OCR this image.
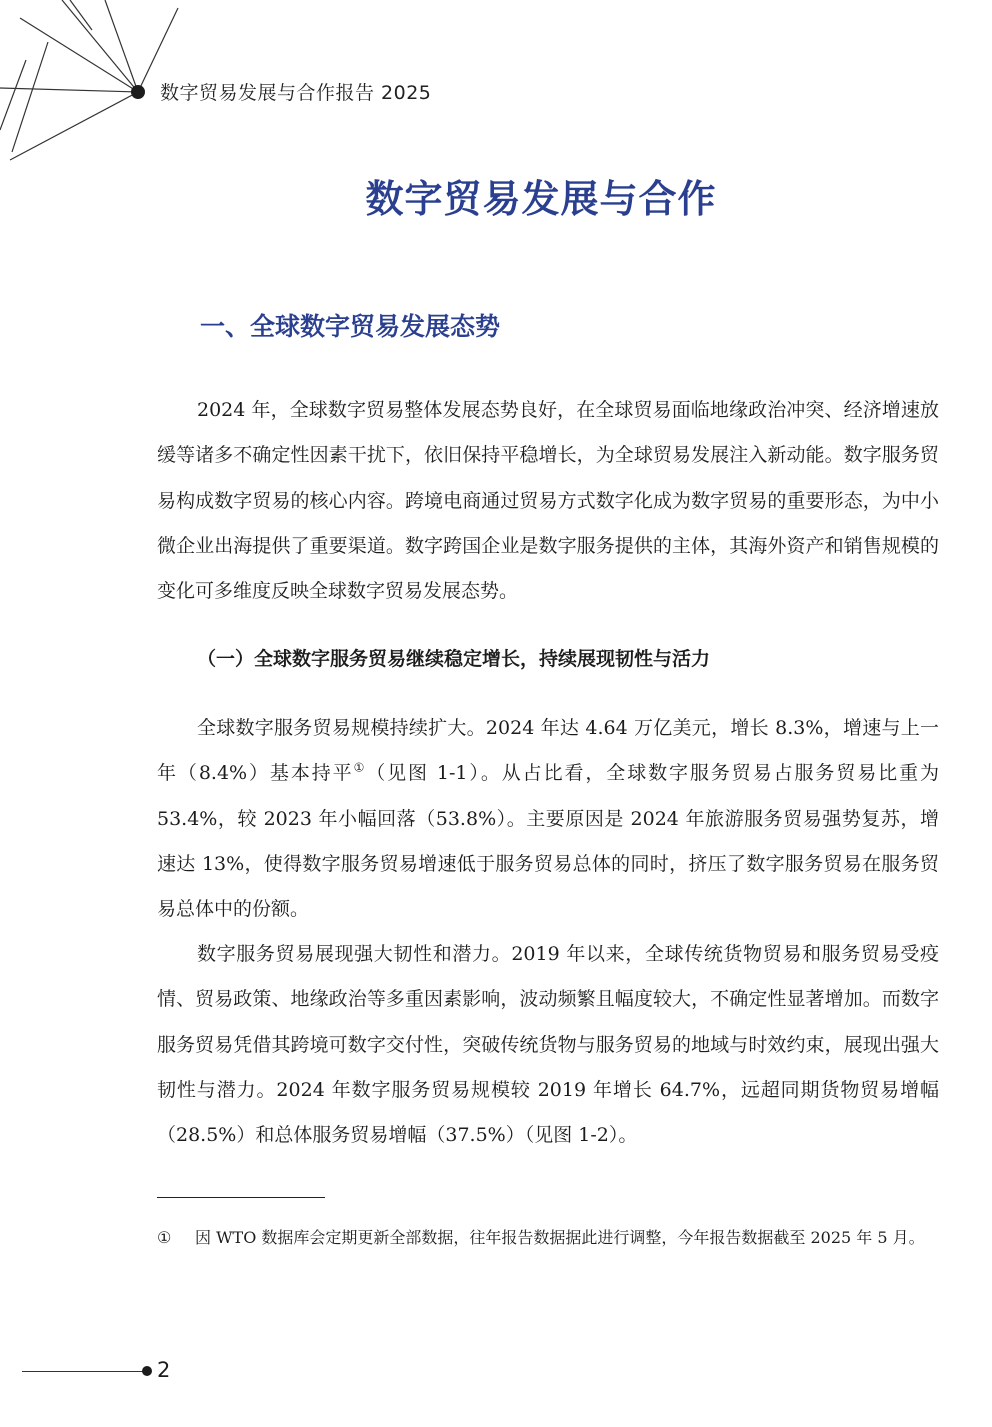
数字贸易发展与合作报告 2025
数字贸易发展与合作
一、全球数字贸易发展态势

2024 年，全球数字贸易整体发展态势良好，在全球贸易面临地缘政治冲突、经济增速放缓等诸多不确定性因素干扰下，依旧保持平稳增长，为全球贸易发展注入新动能。数字服务贸易构成数字贸易的核心内容。跨境电商通过贸易方式数字化成为数字贸易的重要形态，为中小微企业出海提供了重要渠道。数字跨国企业是数字服务提供的主体，其海外资产和销售规模的变化可多维度反映全球数字贸易发展态势。

（一）全球数字服务贸易继续稳定增长，持续展现韧性与活力

全球数字服务贸易规模持续扩大。2024 年达 4.64 万亿美元，增长 8.3%，增速与上一年（8.4%）基本持平①（见图 1-1）。从占比看，全球数字服务贸易占服务贸易比重为 53.4%，较 2023 年小幅回落（53.8%）。主要原因是 2024 年旅游服务贸易强势复苏，增速达 13%，使得数字服务贸易增速低于服务贸易总体的同时，挤压了数字服务贸易在服务贸易总体中的份额。

数字服务贸易展现强大韧性和潜力。2019 年以来，全球传统货物贸易和服务贸易受疫情、贸易政策、地缘政治等多重因素影响，波动频繁且幅度较大，不确定性显著增加。而数字服务贸易凭借其跨境可数字交付性，突破传统货物与服务贸易的地域与时效约束，展现出强大韧性与潜力。2024 年数字服务贸易规模较 2019 年增长 64.7%，远超同期货物贸易增幅（28.5%）和总体服务贸易增幅（37.5%）（见图 1-2）。

① 因 WTO 数据库会定期更新全部数据，往年报告数据据此进行调整，今年报告数据截至 2025 年 5 月。
2
